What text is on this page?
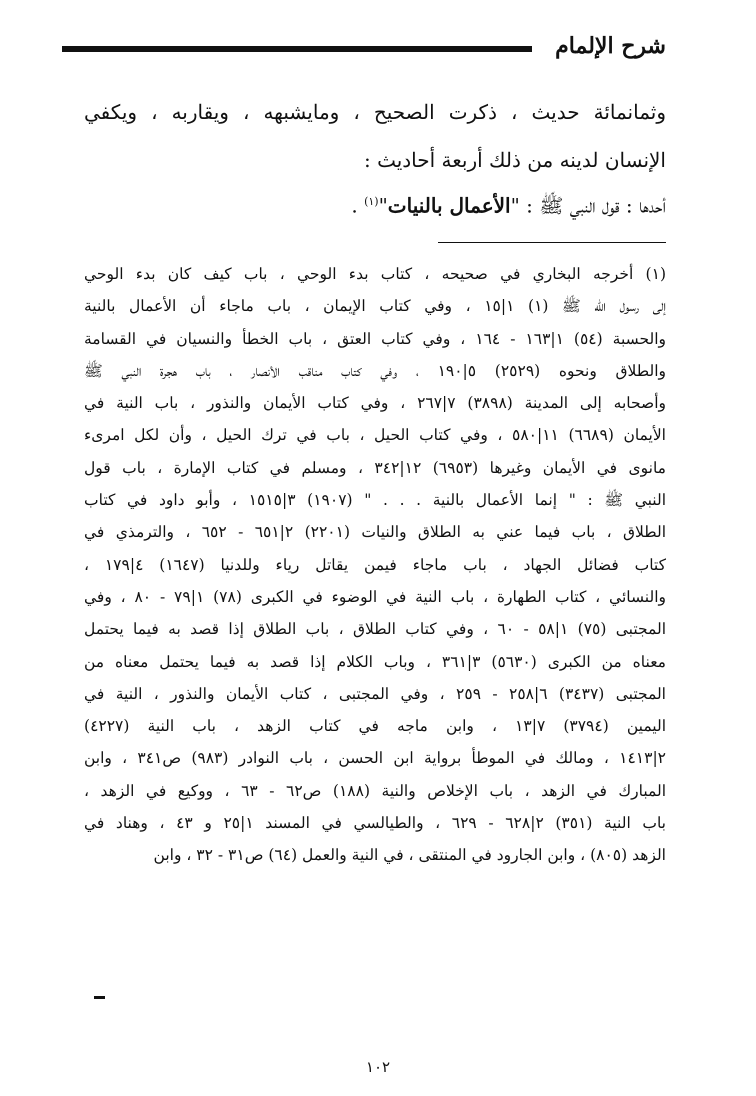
شرح الإلمام
وثمانمائة حديث ، ذكرت الصحيح ، ومايشبهه ، ويقاربه ، ويكفي
الإنسان لدينه من ذلك أربعة أحاديث :
أحدها : قول النبي ﷺ : "الأعمال بالنيات"$^{(١)}$ .
(١) أخرجه البخاري في صحيحه ، كتاب بدء الوحي ، باب كيف كان بدء الوحي
إلى رسول الله ﷺ (١) ١|١٥ ، وفي كتاب الإيمان ، باب ماجاء أن الأعمال بالنية
والحسبة (٥٤) ١|١٦٣ - ١٦٤ ، وفي كتاب العتق ، باب الخطأ والنسيان في القسامة
والطلاق ونحوه (٢٥٢٩) ٥|١٩٠ ، وفي كتاب مناقب الأنصار ، باب هجرة النبي ﷺ
وأصحابه إلى المدينة (٣٨٩٨) ٧|٢٦٧ ، وفي كتاب الأيمان والنذور ، باب النية في
الأيمان (٦٦٨٩) ١١|٥٨٠ ، وفي كتاب الحيل ، باب في ترك الحيل ، وأن لكل امرىء
مانوى في الأيمان وغيرها (٦٩٥٣) ١٢|٣٤٢ ، ومسلم في كتاب الإمارة ، باب قول
النبي ﷺ : " إنما الأعمال بالنية . . . " (١٩٠٧) ٣|١٥١٥ ، وأبو داود في كتاب
الطلاق ، باب فيما عني به الطلاق والنيات (٢٢٠١) ٢|٦٥١ - ٦٥٢ ، والترمذي في
كتاب فضائل الجهاد ، باب ماجاء فيمن يقاتل رياء وللدنيا (١٦٤٧) ٤|١٧٩ ،
والنسائي ، كتاب الطهارة ، باب النية في الوضوء في الكبرى (٧٨) ١|٧٩ - ٨٠ ، وفي
المجتبى (٧٥) ١|٥٨ - ٦٠ ، وفي كتاب الطلاق ، باب الطلاق إذا قصد به فيما يحتمل
معناه من الكبرى (٥٦٣٠) ٣|٣٦١ ، وباب الكلام إذا قصد به فيما يحتمل معناه من
المجتبى (٣٤٣٧) ٦|٢٥٨ - ٢٥٩ ، وفي المجتبى ، كتاب الأيمان والنذور ، النية في
اليمين (٣٧٩٤) ٧|١٣ ، وابن ماجه في كتاب الزهد ، باب النية (٤٢٢٧)
٢|١٤١٣ ، ومالك في الموطأ برواية ابن الحسن ، باب النوادر (٩٨٣) ص٣٤١ ، وابن
المبارك في الزهد ، باب الإخلاص والنية (١٨٨) ص٦٢ - ٦٣ ، ووكيع في الزهد ،
باب النية (٣٥١) ٢|٦٢٨ - ٦٢٩ ، والطيالسي في المسند ١|٢٥ و ٤٣ ، وهناد في
الزهد (٨٠٥) ، وابن الجارود في المنتقى ، في النية والعمل (٦٤) ص٣١ - ٣٢ ، وابن
١٠٢
